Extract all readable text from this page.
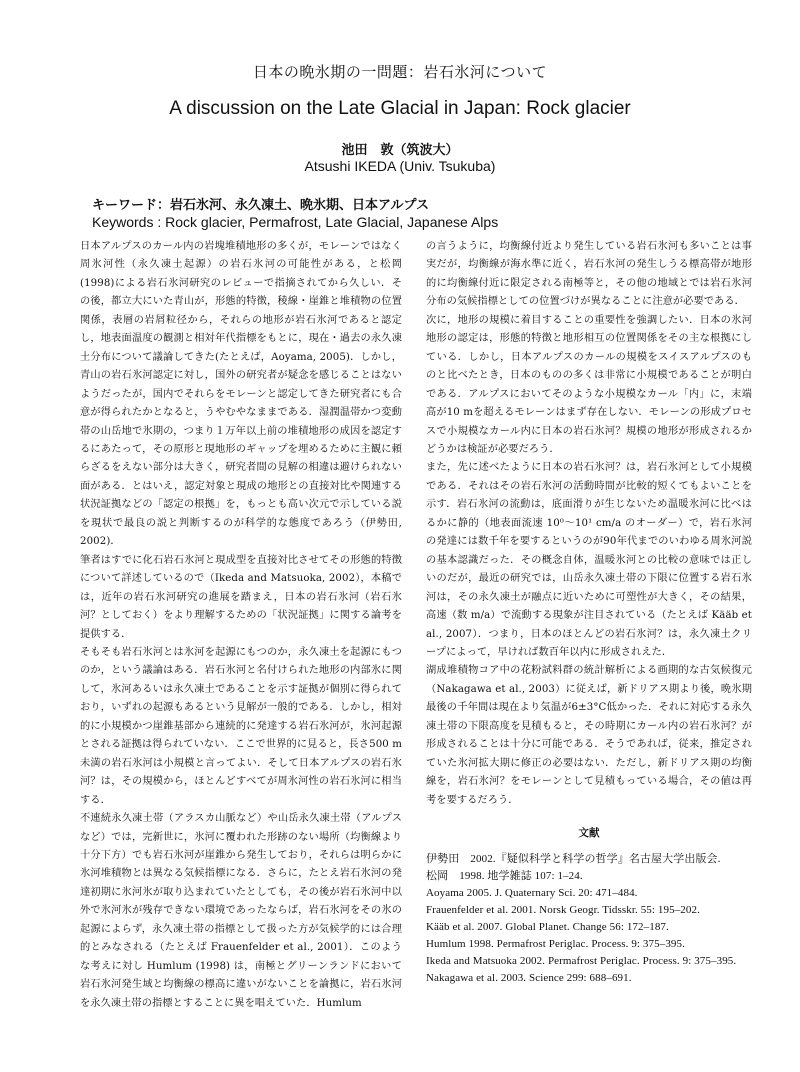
日本の晩氷期の一問題：岩石氷河について
A discussion on the Late Glacial in Japan: Rock glacier
池田　敦（筑波大）
Atsushi IKEDA (Univ. Tsukuba)
キーワード：岩石氷河、永久凍土、晩氷期、日本アルプス
Keywords : Rock glacier, Permafrost, Late Glacial, Japanese Alps

日本アルプスのカール内の岩塊堆積地形の多くが，モレーンではなく周氷河性（永久凍土起源）の岩石氷河の可能性がある，と松岡(1998)による岩石氷河研究のレビューで指摘されてから久しい．その後，都立大にいた青山が，形態的特徴，稜線・崖錐と堆積物の位置関係，表層の岩屑粒径から，それらの地形が岩石氷河であると認定し，地表面温度の観測と相対年代指標をもとに，現在・過去の永久凍土分布について議論してきた(たとえば，Aoyama, 2005)．しかし，青山の岩石氷河認定に対し，国外の研究者が疑念を感じることはないようだったが，国内でそれらをモレーンと認定してきた研究者にも合意が得られたかとなると，うやむやなままである．湿潤温帯かつ変動帯の山岳地で氷期の，つまり１万年以上前の堆積地形の成因を認定するにあたって，その原形と現地形のギャップを埋めるために主観に頼らざるをえない部分は大きく，研究者間の見解の相違は避けられない面がある．とはいえ，認定対象と現成の地形との直接対比や関連する状況証拠などの「認定の根拠」を，もっとも高い次元で示している説を現状で最良の説と判断するのが科学的な態度であろう（伊勢田, 2002)．

筆者はすでに化石岩石氷河と現成型を直接対比させてその形態的特徴について詳述しているので（Ikeda and Matsuoka, 2002），本稿では，近年の岩石氷河研究の進展を踏まえ，日本の岩石氷河（岩石氷河？としておく）をより理解するための「状況証拠」に関する論考を提供する．

そもそも岩石氷河とは氷河を起源にもつのか，永久凍土を起源にもつのか，という議論はある．岩石氷河と名付けられた地形の内部氷に関して，氷河あるいは永久凍土であることを示す証拠が個別に得られており，いずれの起源もあるという見解が一般的である．しかし，相対的に小規模かつ崖錐基部から連続的に発達する岩石氷河が，氷河起源とされる証拠は得られていない．ここで世界的に見ると，長さ500 m未満の岩石氷河は小規模と言ってよい．そして日本アルプスの岩石氷河？は，その規模から，ほとんどすべてが周氷河性の岩石氷河に相当する．

不連続永久凍土帯（アラスカ山脈など）や山岳永久凍土帯（アルプスなど）では，完新世に，氷河に覆われた形跡のない場所（均衡線より十分下方）でも岩石氷河が崖錐から発生しており，それらは明らかに氷河堆積物とは異なる気候指標になる．さらに，たとえ岩石氷河の発達初期に氷河氷が取り込まれていたとしても，その後が岩石氷河中以外で氷河氷が残存できない環境であったならば，岩石氷河をその氷の起源によらず，永久凍土帯の指標として扱った方が気候学的には合理的とみなされる（たとえば Frauenfelder et al., 2001）．このような考えに対し Humlum (1998) は，南極とグリーンランドにおいて岩石氷河発生域と均衡線の標高に違いがないことを論拠に，岩石氷河を永久凍土帯の指標とすることに異を唱えていた．Humlum

の言うように，均衡線付近より発生している岩石氷河も多いことは事実だが，均衡線が海水準に近く，岩石氷河の発生しうる標高帯が地形的に均衡線付近に限定される南極等と，その他の地域とでは岩石氷河分布の気候指標としての位置づけが異なることに注意が必要である．

次に，地形の規模に着目することの重要性を強調したい．日本の氷河地形の認定は，形態的特徴と地形相互の位置関係をその主な根拠にしている．しかし，日本アルプスのカールの規模をスイスアルプスのものと比べたとき，日本のものの多くは非常に小規模であることが明白である．アルプスにおいてそのような小規模なカール「内」に，末端高が10 mを超えるモレーンはまず存在しない．モレーンの形成プロセスで小規模なカール内に日本の岩石氷河？規模の地形が形成されるかどうかは検証が必要だろう．

また，先に述べたように日本の岩石氷河？は，岩石氷河として小規模である．それはその岩石氷河の活動時間が比較的短くてもよいことを示す．岩石氷河の流動は，底面滑りが生じないため温暖氷河に比べはるかに静的（地表面流速 10⁰～10¹ cm/a のオーダー）で，岩石氷河の発達には数千年を要するというのが90年代までのいわゆる周氷河説の基本認識だった．その概念自体，温暖氷河との比較の意味では正しいのだが，最近の研究では，山岳永久凍土帯の下限に位置する岩石氷河は，その永久凍土が融点に近いために可塑性が大きく，その結果，高速（数 m/a）で流動する現象が注目されている（たとえば Kääb et al., 2007）．つまり，日本のほとんどの岩石氷河？は，永久凍土クリープによって，早ければ数百年以内に形成されえた．

湖成堆積物コア中の花粉試料群の統計解析による画期的な古気候復元（Nakagawa et al., 2003）に従えば，新ドリアス期より後，晩氷期最後の千年間は現在より気温が6±3°C低かった．それに対応する永久凍土帯の下限高度を見積もると，その時期にカール内の岩石氷河？が形成されることは十分に可能である．そうであれば，従来，推定されていた氷河拡大期に修正の必要はない．ただし，新ドリアス期の均衡線を，岩石氷河？をモレーンとして見積もっている場合，その値は再考を要するだろう．

文献
伊勢田　2002.『疑似科学と科学の哲学』名古屋大学出版会.
松岡　1998. 地学雑誌 107: 1–24.
Aoyama 2005. J. Quaternary Sci. 20: 471–484.
Frauenfelder et al. 2001. Norsk Geogr. Tidsskr. 55: 195–202.
Kääb et al. 2007. Global Planet. Change 56: 172–187.
Humlum 1998. Permafrost Periglac. Process. 9: 375–395.
Ikeda and Matsuoka 2002. Permafrost Periglac. Process. 9: 375–395.
Nakagawa et al. 2003. Science 299: 688–691.
